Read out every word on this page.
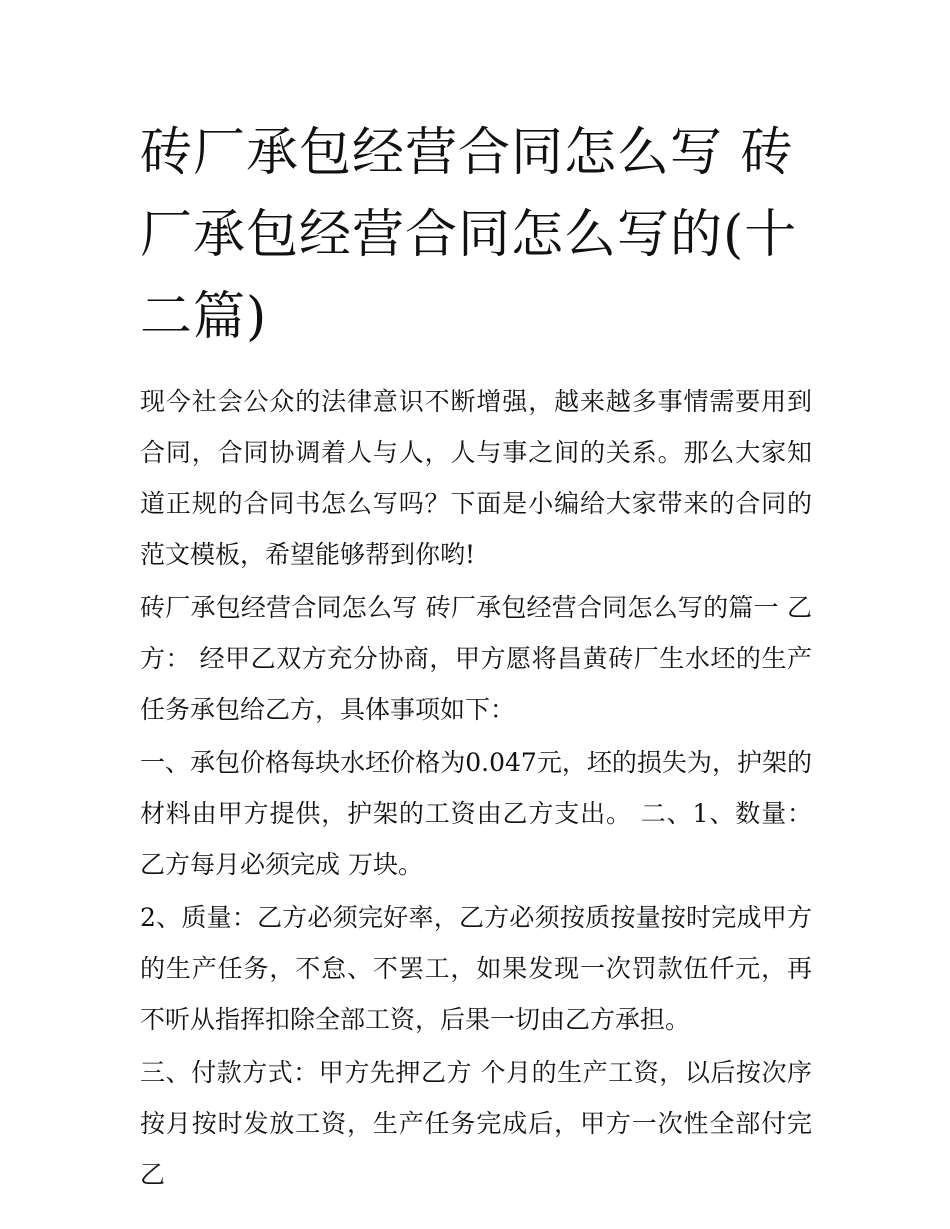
砖厂承包经营合同怎么写 砖厂承包经营合同怎么写的(十二篇)

现今社会公众的法律意识不断增强，越来越多事情需要用到合同，合同协调着人与人，人与事之间的关系。那么大家知道正规的合同书怎么写吗？下面是小编给大家带来的合同的范文模板，希望能够帮到你哟!

砖厂承包经营合同怎么写 砖厂承包经营合同怎么写的篇一 乙方： 经甲乙双方充分协商，甲方愿将昌黄砖厂生水坯的生产任务承包给乙方，具体事项如下：

一、承包价格每块水坯价格为0.047元，坯的损失为，护架的材料由甲方提供，护架的工资由乙方支出。 二、1、数量：乙方每月必须完成 万块。

2、质量：乙方必须完好率，乙方必须按质按量按时完成甲方的生产任务，不怠、不罢工，如果发现一次罚款伍仟元，再不听从指挥扣除全部工资，后果一切由乙方承担。

三、付款方式：甲方先押乙方 个月的生产工资，以后按次序按月按时发放工资，生产任务完成后，甲方一次性全部付完乙
